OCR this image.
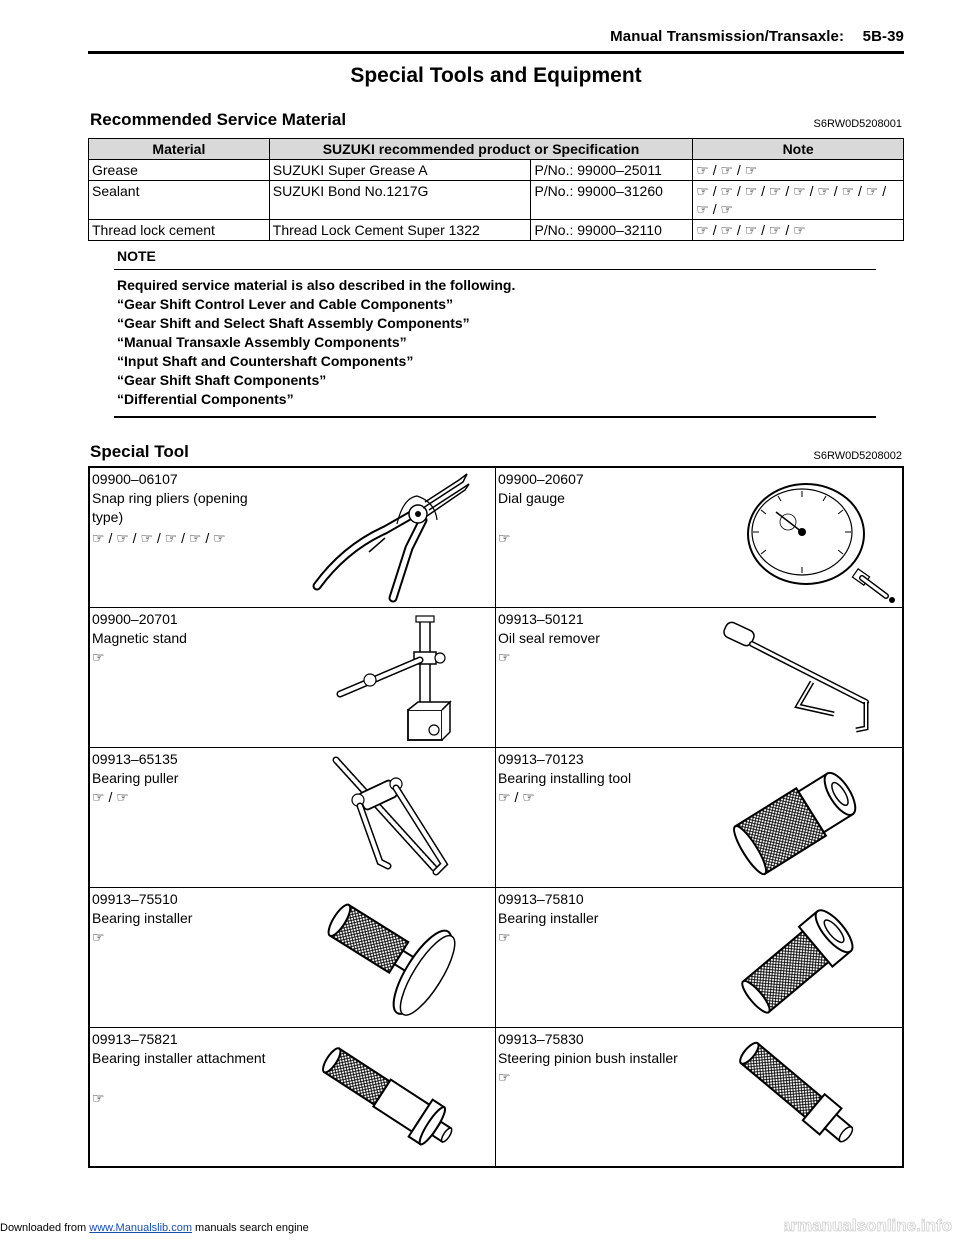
Manual Transmission/Transaxle: 5B-39
Special Tools and Equipment
Recommended Service Material	S6RW0D5208001
Material	SUZUKI recommended product or Specification		Note
Grease	SUZUKI Super Grease A	P/No.: 99000–25011	☞ / ☞ / ☞
Sealant	SUZUKI Bond No.1217G	P/No.: 99000–31260	☞ / ☞ / ☞ / ☞ / ☞ / ☞ / ☞ / ☞ / ☞ / ☞
Thread lock cement	Thread Lock Cement Super 1322	P/No.: 99000–32110	☞ / ☞ / ☞ / ☞ / ☞
NOTE
Required service material is also described in the following.
“Gear Shift Control Lever and Cable Components”
“Gear Shift and Select Shaft Assembly Components”
“Manual Transaxle Assembly Components”
“Input Shaft and Countershaft Components”
“Gear Shift Shaft Components”
“Differential Components”
Special Tool	S6RW0D5208002
09900–06107
Snap ring pliers (opening type)
☞ / ☞ / ☞ / ☞ / ☞ / ☞
09900–20607
Dial gauge
☞
09900–20701
Magnetic stand
☞
09913–50121
Oil seal remover
☞
09913–65135
Bearing puller
☞ / ☞
09913–70123
Bearing installing tool
☞ / ☞
09913–75510
Bearing installer
☞
09913–75810
Bearing installer
☞
09913–75821
Bearing installer attachment
☞
09913–75830
Steering pinion bush installer
☞
Downloaded from www.Manualslib.com manuals search engine	carmanualsonline.info
